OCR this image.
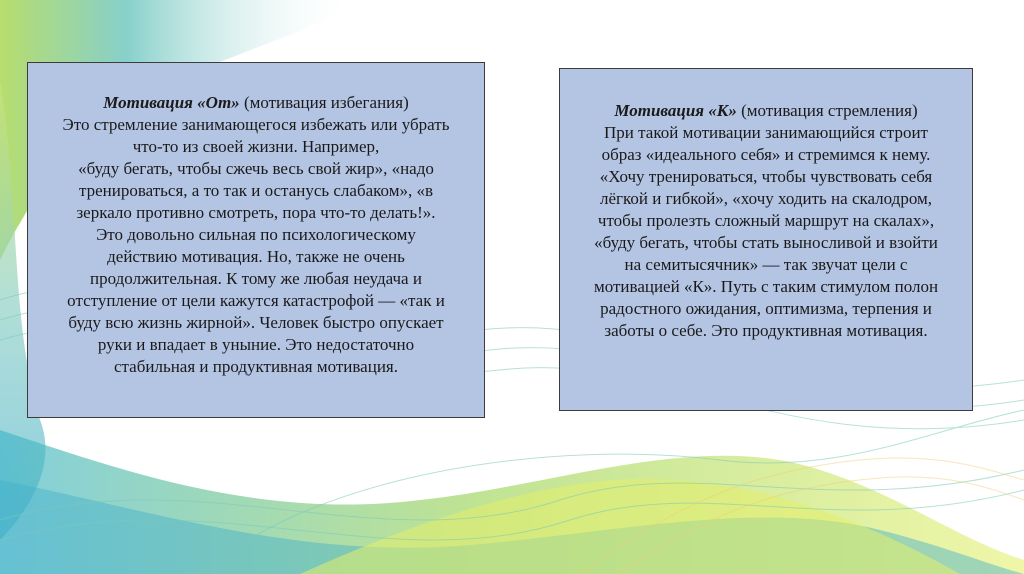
Мотивация «От» (мотивация избегания)
Это стремление занимающегося избежать или убрать
что-то из своей жизни. Например,
«буду бегать, чтобы сжечь весь свой жир», «надо
тренироваться, а то так и останусь слабаком», «в
зеркало противно смотреть, пора что-то делать!».
Это довольно сильная по психологическому
действию мотивация. Но, также не очень
продолжительная. К тому же любая неудача и
отступление от цели кажутся катастрофой — «так и
буду всю жизнь жирной». Человек быстро опускает
руки и впадает в уныние. Это недостаточно
стабильная и продуктивная мотивация.
Мотивация «К» (мотивация стремления)
При такой мотивации занимающийся строит
образ «идеального себя» и стремимся к нему.
«Хочу тренироваться, чтобы чувствовать себя
лёгкой и гибкой», «хочу ходить на скалодром,
чтобы пролезть сложный маршрут на скалах»,
«буду бегать, чтобы стать выносливой и взойти
на семитысячник» — так звучат цели с
мотивацией «К». Путь с таким стимулом полон
радостного ожидания, оптимизма, терпения и
заботы о себе. Это продуктивная мотивация.
